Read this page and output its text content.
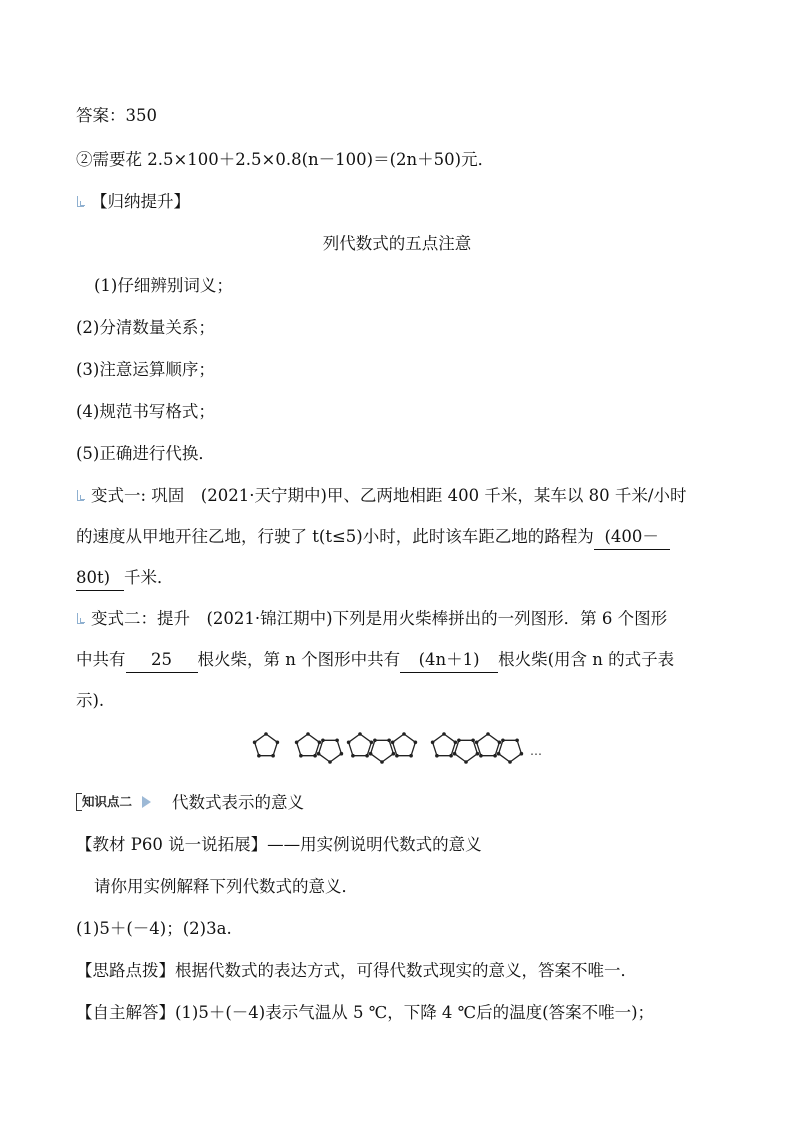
答案：350
②需要花 2.5×100＋2.5×0.8(n－100)＝(2n＋50)元．
【归纳提升】
列代数式的五点注意
(1)仔细辨别词义；
(2)分清数量关系；
(3)注意运算顺序；
(4)规范书写格式；
(5)正确进行代换．
变式一: 巩固　(2021·天宁期中)甲、乙两地相距 400 千米，某车以 80 千米/小时
的速度从甲地开往乙地，行驶了 t(t≤5)小时，此时该车距乙地的路程为 (400－
80t) 千米．
变式二：提升　(2021·锦江期中)下列是用火柴棒拼出的一列图形．第 6 个图形
中共有 25 根火柴，第 n 个图形中共有 (4n＋1) 根火柴(用含 n 的式子表
示).
…
知识点二 代数式表示的意义
【教材 P60 说一说拓展】——用实例说明代数式的意义
请你用实例解释下列代数式的意义．
(1)5＋(－4)；(2)3a.
【思路点拨】根据代数式的表达方式，可得代数式现实的意义，答案不唯一．
【自主解答】(1)5＋(－4)表示气温从 5 ℃，下降 4 ℃后的温度(答案不唯一)；
